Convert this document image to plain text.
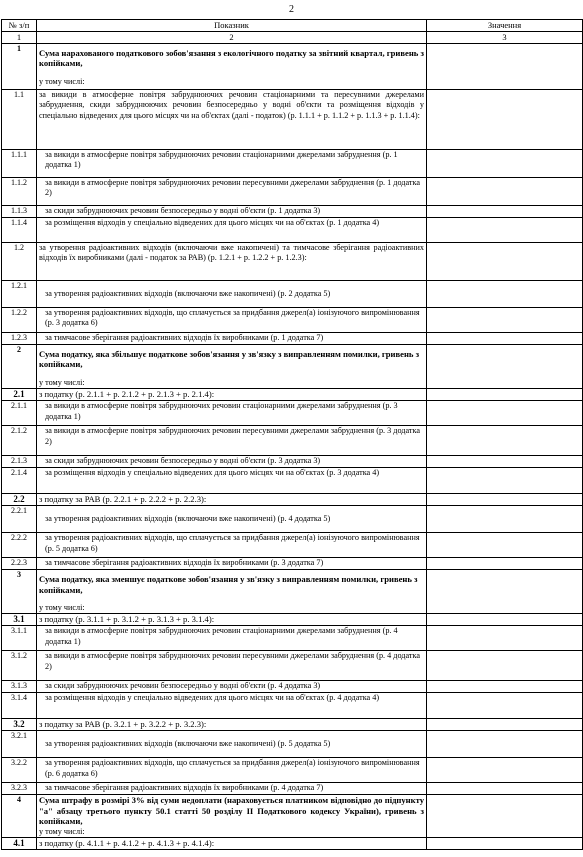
2
№ з/п	Показник	Значення
1	2	3
1	Сума нарахованого податкового зобов'язання з екологічного податку за звітний квартал, гривень з копійками,
у тому числі:	

1.1	за викиди в атмосферне повітря забруднюючих речовин стаціонарними та пересувними джерелами забруднення, скиди забруднюючих речовин безпосередньо у водні об'єкти та розміщення відходів у спеціально відведених для цього місцях чи на об'єктах (далі - податок) (р. 1.1.1 + р. 1.1.2 + р. 1.1.3 + р. 1.1.4):	

1.1.1	за викиди в атмосферне повітря забруднюючих речовин стаціонарними джерелами забруднення (р. 1 додатка 1)	

1.1.2	за викиди в атмосферне повітря забруднюючих речовин пересувними джерелами забруднення (р. 1 додатка 2)	

1.1.3	за скиди забруднюючих речовин безпосередньо у водні об'єкти (р. 1 додатка 3)	

1.1.4	за розміщення відходів у спеціально відведених для цього місцях чи на об'єктах (р. 1 додатка 4)	

1.2	за утворення радіоактивних відходів (включаючи вже накопичені) та тимчасове зберігання радіоактивних відходів їх виробниками (далі - податок за РАВ) (р. 1.2.1 + р. 1.2.2 + р. 1.2.3):	

1.2.1	за утворення радіоактивних відходів (включаючи вже накопичені) (р. 2 додатка 5)	

1.2.2	за утворення радіоактивних відходів, що сплачується за придбання джерел(а) іонізуючого випромінювання (р. 3 додатка 6)	

1.2.3	за тимчасове зберігання радіоактивних відходів їх виробниками (р. 1 додатка 7)	

2	Сума податку, яка збільшує податкове зобов'язання у зв'язку з виправленням помилки, гривень з копійками,
у тому числі:	

2.1	з податку (р. 2.1.1 + р. 2.1.2 + р. 2.1.3 + р. 2.1.4):	

2.1.1	за викиди в атмосферне повітря забруднюючих речовин стаціонарними джерелами забруднення (р. 3 додатка 1)	

2.1.2	за викиди в атмосферне повітря забруднюючих речовин пересувними джерелами забруднення (р. 3 додатка 2)	

2.1.3	за скиди забруднюючих речовин безпосередньо у водні об'єкти (р. 3 додатка 3)	

2.1.4	за розміщення відходів у спеціально відведених для цього місцях чи на об'єктах (р. 3 додатка 4)	

2.2	з податку за РАВ (р. 2.2.1 + р. 2.2.2 + р. 2.2.3):	

2.2.1	за утворення радіоактивних відходів (включаючи вже накопичені) (р. 4 додатка 5)	

2.2.2	за утворення радіоактивних відходів, що сплачується за придбання джерел(а) іонізуючого випромінювання (р. 5 додатка 6)	

2.2.3	за тимчасове зберігання радіоактивних відходів їх виробниками (р. 3 додатка 7)	

3	Сума податку, яка зменшує податкове зобов'язання у зв'язку з виправленням помилки, гривень з копійками,
у тому числі:	

3.1	з податку (р. 3.1.1 + р. 3.1.2 + р. 3.1.3 + р. 3.1.4):	

3.1.1	за викиди в атмосферне повітря забруднюючих речовин стаціонарними джерелами забруднення (р. 4 додатка 1)	

3.1.2	за викиди в атмосферне повітря забруднюючих речовин пересувними джерелами забруднення (р. 4 додатка 2)	

3.1.3	за скиди забруднюючих речовин безпосередньо у водні об'єкти (р. 4 додатка 3)	

3.1.4	за розміщення відходів у спеціально відведених для цього місцях чи на об'єктах (р. 4 додатка 4)	

3.2	з податку за РАВ (р. 3.2.1 + р. 3.2.2 + р. 3.2.3):	

3.2.1	за утворення радіоактивних відходів (включаючи вже накопичені) (р. 5 додатка 5)	

3.2.2	за утворення радіоактивних відходів, що сплачується за придбання джерел(а) іонізуючого випромінювання (р. 6 додатка 6)	

3.2.3	за тимчасове зберігання радіоактивних відходів їх виробниками (р. 4 додатка 7)	

4	Сума штрафу в розмірі 3% від суми недоплати (нараховується платником відповідно до підпункту "а" абзацу третього пункту 50.1 статті 50 розділу II Податкового кодексу України), гривень з копійками,
у тому числі:	

4.1	з податку (р. 4.1.1 + р. 4.1.2 + р. 4.1.3 + р. 4.1.4):	
